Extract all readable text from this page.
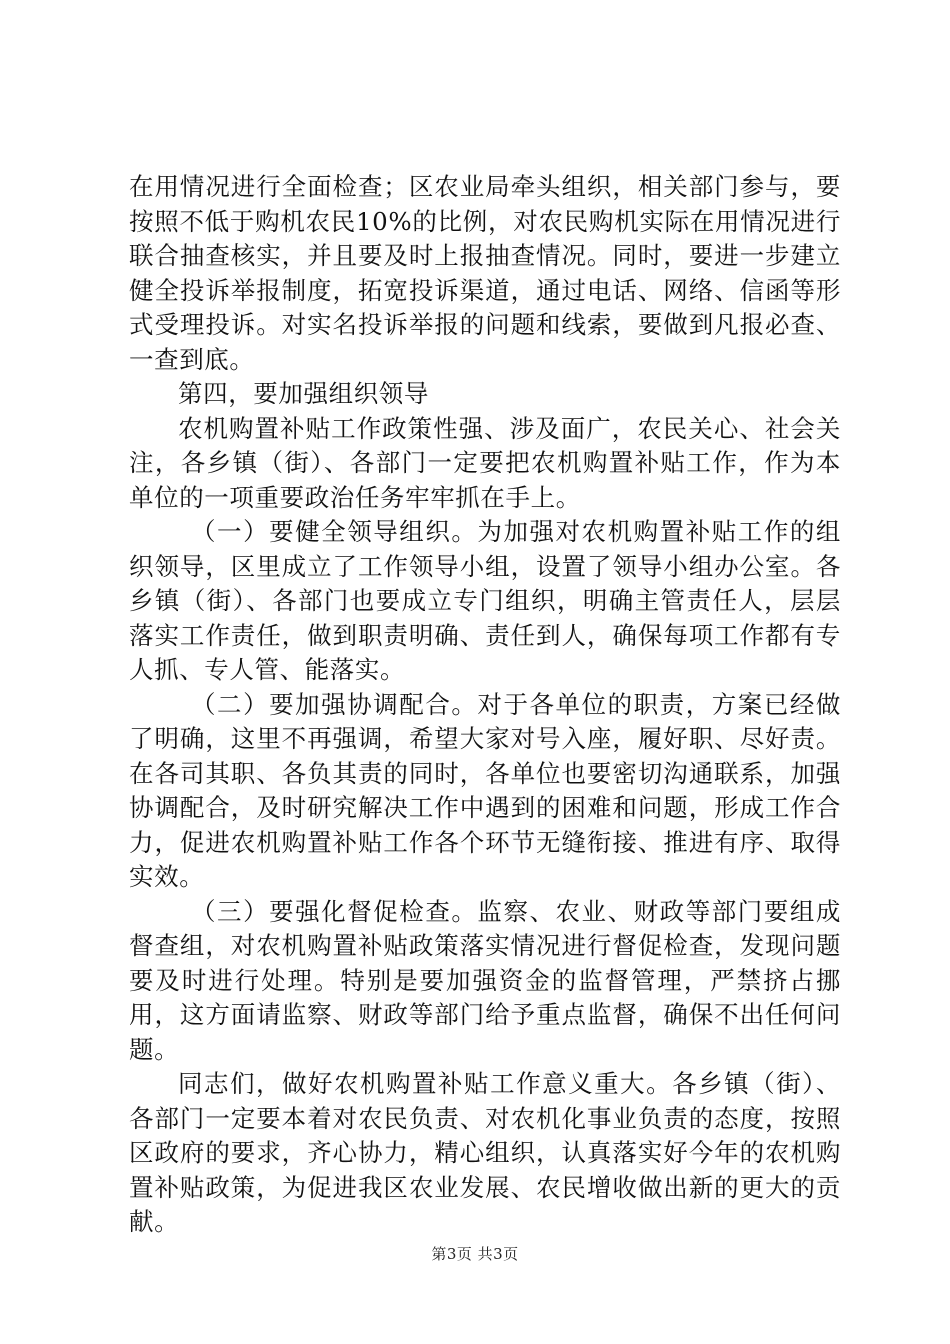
在用情况进行全面检查；区农业局牵头组织，相关部门参与，要按照不低于购机农民10%的比例，对农民购机实际在用情况进行联合抽查核实，并且要及时上报抽查情况。同时，要进一步建立健全投诉举报制度，拓宽投诉渠道，通过电话、网络、信函等形式受理投诉。对实名投诉举报的问题和线索，要做到凡报必查、一查到底。

第四，要加强组织领导

农机购置补贴工作政策性强、涉及面广，农民关心、社会关注，各乡镇（街）、各部门一定要把农机购置补贴工作，作为本单位的一项重要政治任务牢牢抓在手上。

（一）要健全领导组织。为加强对农机购置补贴工作的组织领导，区里成立了工作领导小组，设置了领导小组办公室。各乡镇（街）、各部门也要成立专门组织，明确主管责任人，层层落实工作责任，做到职责明确、责任到人，确保每项工作都有专人抓、专人管、能落实。

（二）要加强协调配合。对于各单位的职责，方案已经做了明确，这里不再强调，希望大家对号入座，履好职、尽好责。在各司其职、各负其责的同时，各单位也要密切沟通联系，加强协调配合，及时研究解决工作中遇到的困难和问题，形成工作合力，促进农机购置补贴工作各个环节无缝衔接、推进有序、取得实效。

（三）要强化督促检查。监察、农业、财政等部门要组成督查组，对农机购置补贴政策落实情况进行督促检查，发现问题要及时进行处理。特别是要加强资金的监督管理，严禁挤占挪用，这方面请监察、财政等部门给予重点监督，确保不出任何问题。

同志们，做好农机购置补贴工作意义重大。各乡镇（街）、各部门一定要本着对农民负责、对农机化事业负责的态度，按照区政府的要求，齐心协力，精心组织，认真落实好今年的农机购置补贴政策，为促进我区农业发展、农民增收做出新的更大的贡献。

第3页 共3页
